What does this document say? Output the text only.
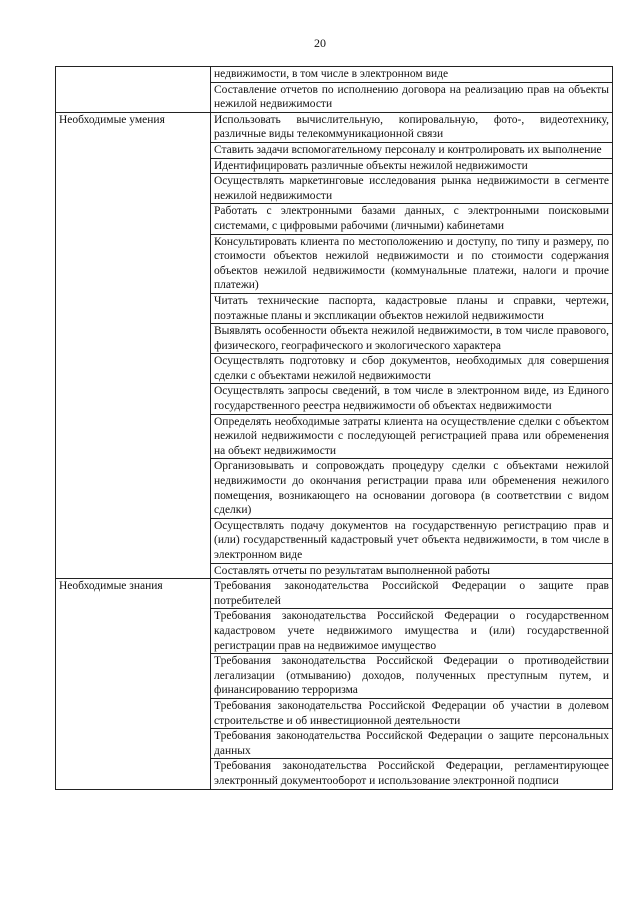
20
	недвижимости, в том числе в электронном виде
	Составление отчетов по исполнению договора на реализацию прав на объекты нежилой недвижимости
Необходимые умения	Использовать вычислительную, копировальную, фото-, видеотехнику, различные виды телекоммуникационной связи
	Ставить задачи вспомогательному персоналу и контролировать их выполнение
	Идентифицировать различные объекты нежилой недвижимости
	Осуществлять маркетинговые исследования рынка недвижимости в сегменте нежилой недвижимости
	Работать с электронными базами данных, с электронными поисковыми системами, с цифровыми рабочими (личными) кабинетами
	Консультировать клиента по местоположению и доступу, по типу и размеру, по стоимости объектов нежилой недвижимости и по стоимости содержания объектов нежилой недвижимости (коммунальные платежи, налоги и прочие платежи)
	Читать технические паспорта, кадастровые планы и справки, чертежи, поэтажные планы и экспликации объектов нежилой недвижимости
	Выявлять особенности объекта нежилой недвижимости, в том числе правового, физического, географического и экологического характера
	Осуществлять подготовку и сбор документов, необходимых для совершения сделки с объектами нежилой недвижимости
	Осуществлять запросы сведений, в том числе в электронном виде, из Единого государственного реестра недвижимости об объектах недвижимости
	Определять необходимые затраты клиента на осуществление сделки с объектом нежилой недвижимости с последующей регистрацией права или обременения на объект недвижимости
	Организовывать и сопровождать процедуру сделки с объектами нежилой недвижимости до окончания регистрации права или обременения нежилого помещения, возникающего на основании договора (в соответствии с видом сделки)
	Осуществлять подачу документов на государственную регистрацию прав и (или) государственный кадастровый учет объекта недвижимости, в том числе в электронном виде
	Составлять отчеты по результатам выполненной работы
Необходимые знания	Требования законодательства Российской Федерации о защите прав потребителей
	Требования законодательства Российской Федерации о государственном кадастровом учете недвижимого имущества и (или) государственной регистрации прав на недвижимое имущество
	Требования законодательства Российской Федерации о противодействии легализации (отмыванию) доходов, полученных преступным путем, и финансированию терроризма
	Требования законодательства Российской Федерации об участии в долевом строительстве и об инвестиционной деятельности
	Требования законодательства Российской Федерации о защите персональных данных
	Требования законодательства Российской Федерации, регламентирующее электронный документооборот и использование электронной подписи
